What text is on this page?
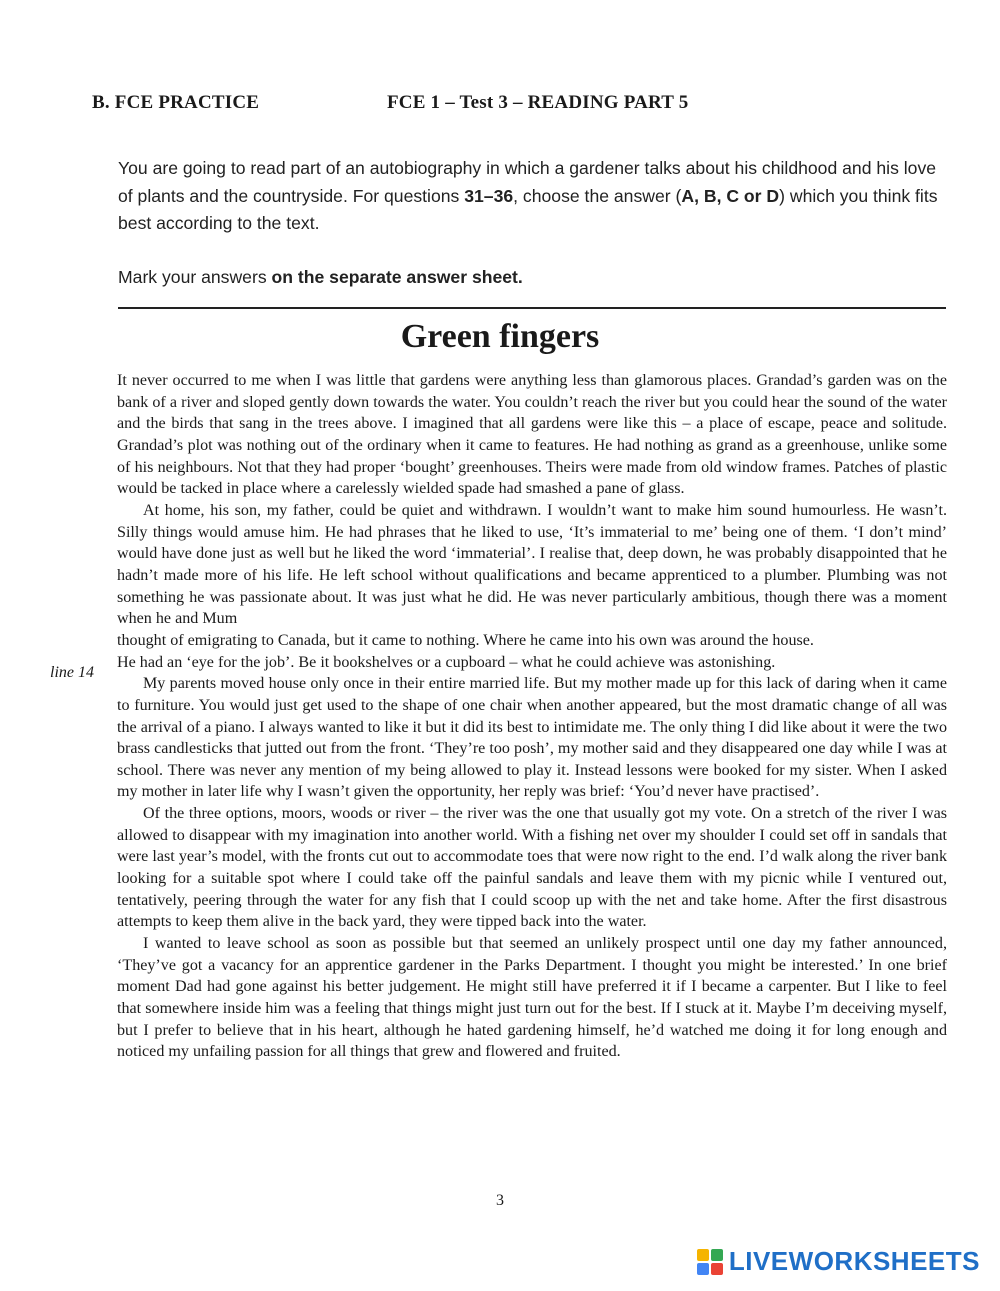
B. FCE PRACTICE	FCE 1 – Test 3 – READING PART 5

You are going to read part of an autobiography in which a gardener talks about his childhood and his love of plants and the countryside. For questions 31–36, choose the answer (A, B, C or D) which you think fits best according to the text.

Mark your answers on the separate answer sheet.

Green fingers

It never occurred to me when I was little that gardens were anything less than glamorous places. Grandad’s garden was on the bank of a river and sloped gently down towards the water. You couldn’t reach the river but you could hear the sound of the water and the birds that sang in the trees above. I imagined that all gardens were like this – a place of escape, peace and solitude. Grandad’s plot was nothing out of the ordinary when it came to features. He had nothing as grand as a greenhouse, unlike some of his neighbours. Not that they had proper ‘bought’ greenhouses. Theirs were made from old window frames. Patches of plastic would be tacked in place where a carelessly wielded spade had smashed a pane of glass.

At home, his son, my father, could be quiet and withdrawn. I wouldn’t want to make him sound humourless. He wasn’t. Silly things would amuse him. He had phrases that he liked to use, ‘It’s immaterial to me’ being one of them. ‘I don’t mind’ would have done just as well but he liked the word ‘immaterial’. I realise that, deep down, he was probably disappointed that he hadn’t made more of his life. He left school without qualifications and became apprenticed to a plumber. Plumbing was not something he was passionate about. It was just what he did. He was never particularly ambitious, though there was a moment when he and Mum

thought of emigrating to Canada, but it came to nothing. Where he came into his own was around the house.

He had an ‘eye for the job’. Be it bookshelves or a cupboard – what he could achieve was astonishing.

My parents moved house only once in their entire married life. But my mother made up for this lack of daring when it came to furniture. You would just get used to the shape of one chair when another appeared, but the most dramatic change of all was the arrival of a piano. I always wanted to like it but it did its best to intimidate me. The only thing I did like about it were the two brass candlesticks that jutted out from the front. ‘They’re too posh’, my mother said and they disappeared one day while I was at school. There was never any mention of my being allowed to play it. Instead lessons were booked for my sister. When I asked my mother in later life why I wasn’t given the opportunity, her reply was brief: ‘You’d never have practised’.

Of the three options, moors, woods or river – the river was the one that usually got my vote. On a stretch of the river I was allowed to disappear with my imagination into another world. With a fishing net over my shoulder I could set off in sandals that were last year’s model, with the fronts cut out to accommodate toes that were now right to the end. I’d walk along the river bank looking for a suitable spot where I could take off the painful sandals and leave them with my picnic while I ventured out, tentatively, peering through the water for any fish that I could scoop up with the net and take home. After the first disastrous attempts to keep them alive in the back yard, they were tipped back into the water.

I wanted to leave school as soon as possible but that seemed an unlikely prospect until one day my father announced, ‘They’ve got a vacancy for an apprentice gardener in the Parks Department. I thought you might be interested.’ In one brief moment Dad had gone against his better judgement. He might still have preferred it if I became a carpenter. But I like to feel that somewhere inside him was a feeling that things might just turn out for the best. If I stuck at it. Maybe I’m deceiving myself, but I prefer to believe that in his heart, although he hated gardening himself, he’d watched me doing it for long enough and noticed my unfailing passion for all things that grew and flowered and fruited.

line 14
3
LIVEWORKSHEETS
